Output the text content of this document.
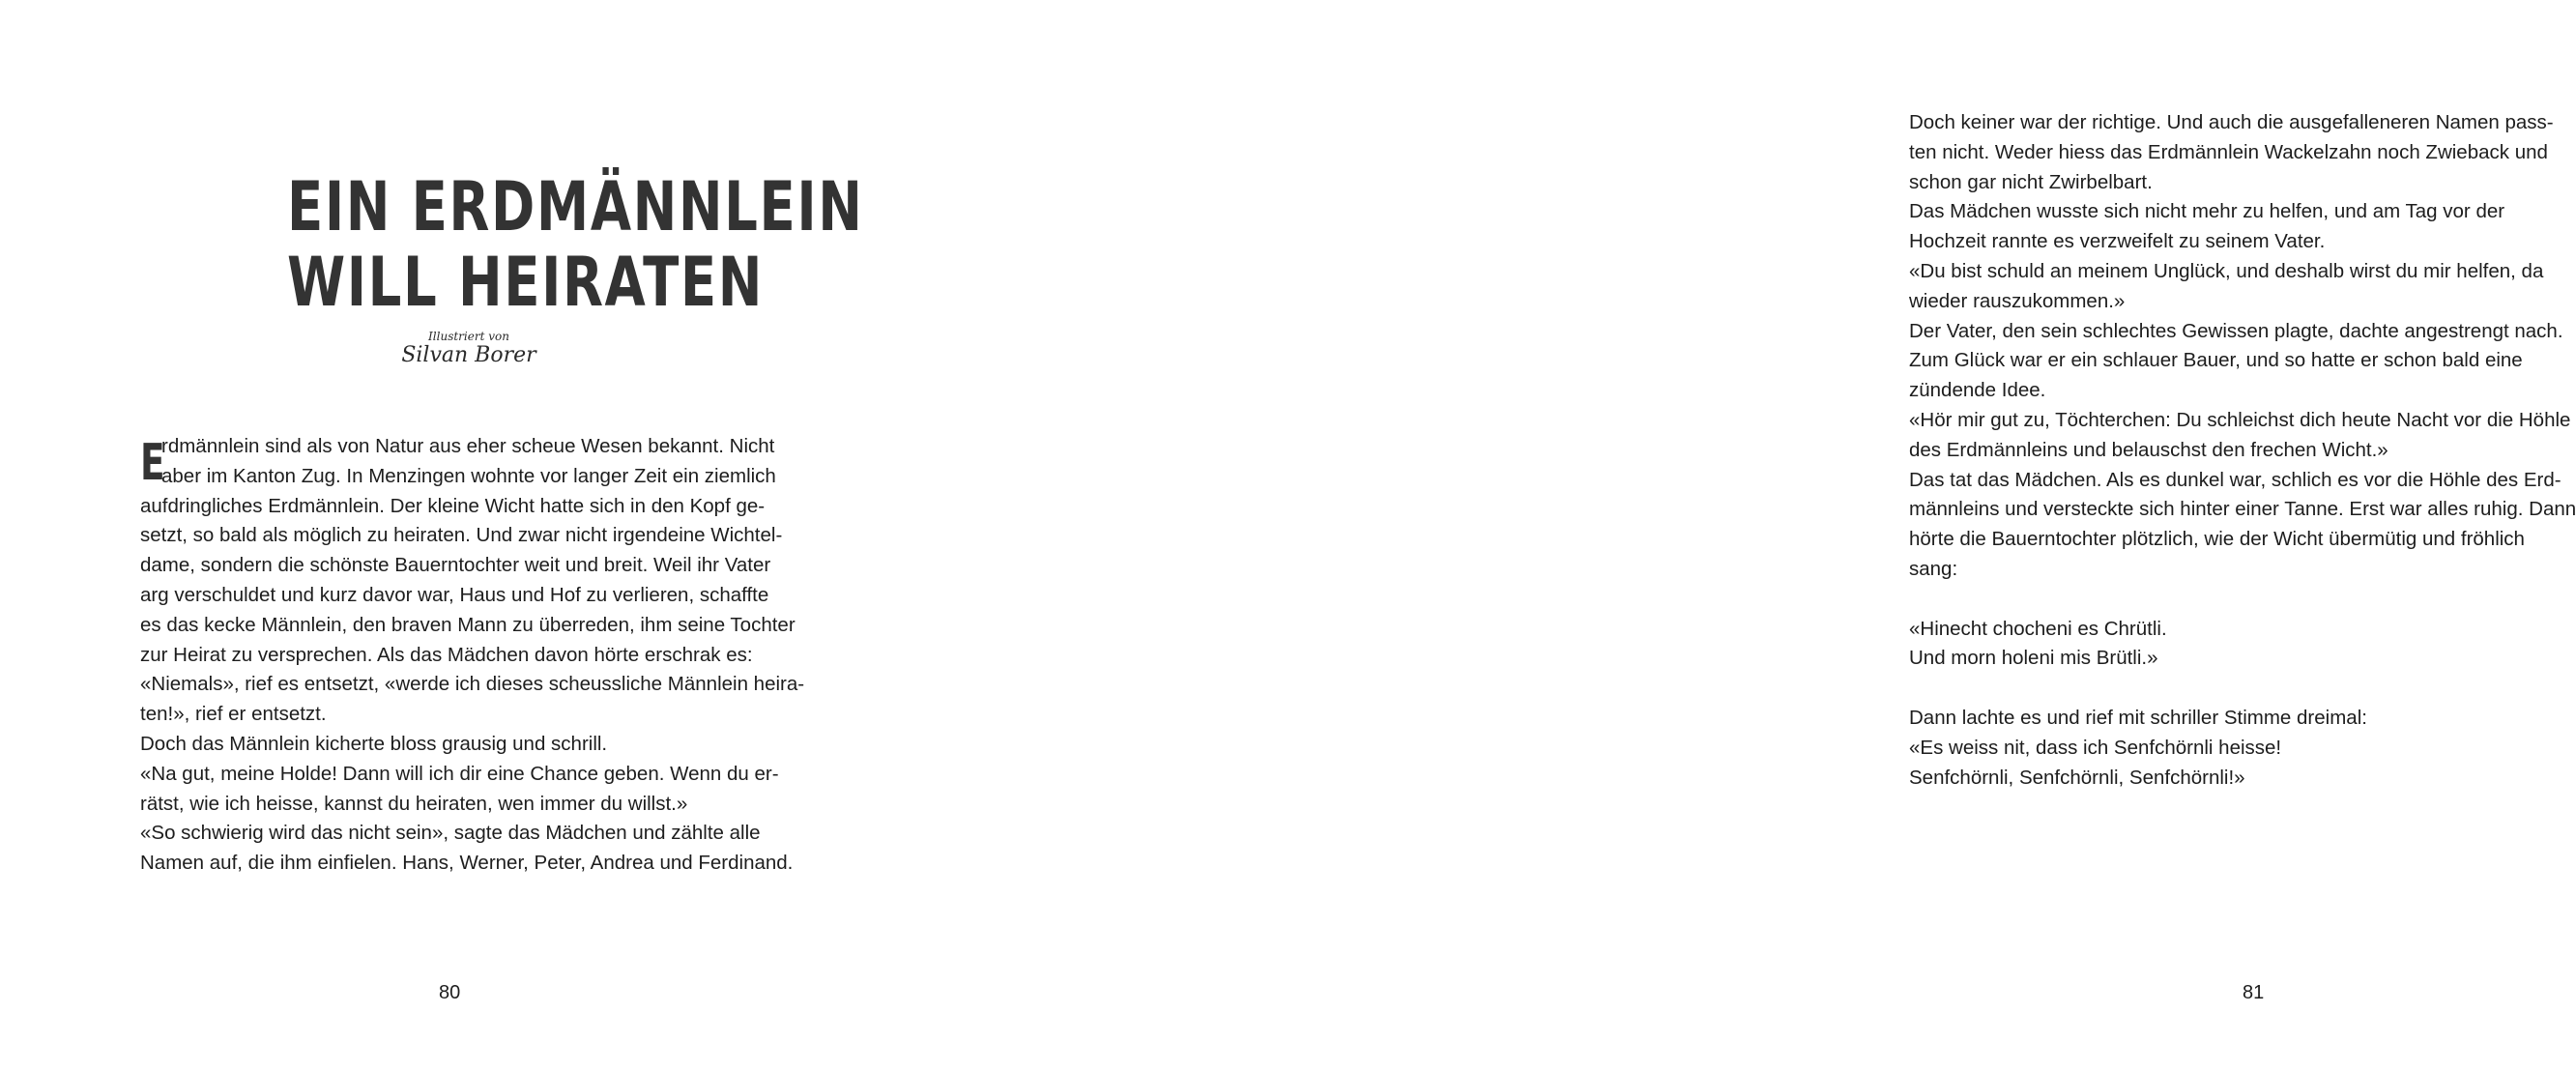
EIN ERDMÄNNLEIN
WILL HEIRATEN
Illustriert von
Silvan Borer
E

rdmännlein sind als von Natur aus eher scheue Wesen bekannt. Nicht

aber im Kanton Zug. In Menzingen wohnte vor langer Zeit ein ziemlich

aufdringliches Erdmännlein. Der kleine Wicht hatte sich in den Kopf ge-

setzt, so bald als möglich zu heiraten. Und zwar nicht irgendeine Wichtel-

dame, sondern die schönste Bauerntochter weit und breit. Weil ihr Vater

arg verschuldet und kurz davor war, Haus und Hof zu verlieren, schaffte

es das kecke Männlein, den braven Mann zu überreden, ihm seine Tochter

zur Heirat zu versprechen. Als das Mädchen davon hörte erschrak es:

«Niemals», rief es entsetzt, «werde ich dieses scheussliche Männlein heira-

ten!», rief er entsetzt.

Doch das Männlein kicherte bloss grausig und schrill.

«Na gut, meine Holde! Dann will ich dir eine Chance geben. Wenn du er-

rätst, wie ich heisse, kannst du heiraten, wen immer du willst.»

«So schwierig wird das nicht sein», sagte das Mädchen und zählte alle

Namen auf, die ihm einfielen. Hans, Werner, Peter, Andrea und Ferdinand.

80

Doch keiner war der richtige. Und auch die ausgefalleneren Namen pass-

ten nicht. Weder hiess das Erdmännlein Wackelzahn noch Zwieback und

schon gar nicht Zwirbelbart.

Das Mädchen wusste sich nicht mehr zu helfen, und am Tag vor der

Hochzeit rannte es verzweifelt zu seinem Vater.

«Du bist schuld an meinem Unglück, und deshalb wirst du mir helfen, da

wieder rauszukommen.»

Der Vater, den sein schlechtes Gewissen plagte, dachte angestrengt nach.

Zum Glück war er ein schlauer Bauer, und so hatte er schon bald eine

zündende Idee.

«Hör mir gut zu, Töchterchen: Du schleichst dich heute Nacht vor die Höhle

des Erdmännleins und belauschst den frechen Wicht.»

Das tat das Mädchen. Als es dunkel war, schlich es vor die Höhle des Erd-

männleins und versteckte sich hinter einer Tanne. Erst war alles ruhig. Dann

hörte die Bauerntochter plötzlich, wie der Wicht übermütig und fröhlich

sang:

«Hinecht chocheni es Chrütli.

Und morn holeni mis Brütli.»

Dann lachte es und rief mit schriller Stimme dreimal:

«Es weiss nit, dass ich Senfchörnli heisse!

Senfchörnli, Senfchörnli, Senfchörnli!»

81
